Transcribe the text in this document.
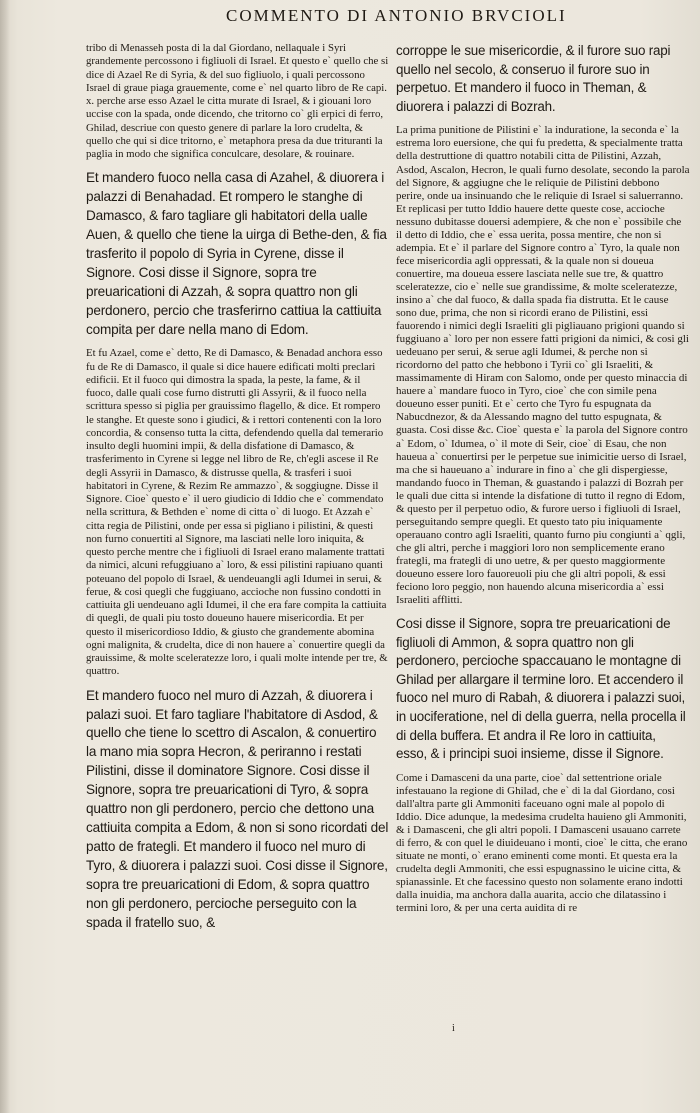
COMMENTO DI ANTONIO BRVCIOLI

tribo di Menasseh posta di la dal Giordano, nellaquale i Syri grandemente percossono i figliuoli di Israel. Et questo e` quello che si dice di Azael Re di Syria, & del suo figliuolo, i quali percossono Israel di graue piaga grauemente, come e` nel quarto libro de Re capi. x. perche arse esso Azael le citta murate di Israel, & i giouani loro uccise con la spada, onde dicendo, che tritorno co` gli erpici di ferro, Ghilad, descriue con questo genere di parlare la loro crudelta, & quello che qui si dice tritorno, e` metaphora presa da due trituranti la paglia in modo che significa conculcare, desolare, & rouinare.

Et mandero fuoco nella casa di Azahel, & diuorera i palazzi di Benahadad. Et rompero le stanghe di Damasco, & faro tagliare gli habitatori della ualle Auen, & quello che tiene la uirga di Bethe-den, & fia trasferito il popolo di Syria in Cyrene, disse il Signore. Cosi disse il Signore, sopra tre preuaricationi di Azzah, & sopra quattro non gli perdonero, percio che trasferirno cattiua la cattiuita compita per dare nella mano di Edom.

Et fu Azael, come e` detto, Re di Damasco, & Benadad anchora esso fu de Re di Damasco, il quale si dice hauere edificati molti preclari edificii. Et il fuoco qui dimostra la spada, la peste, la fame, & il fuoco, dalle quali cose furno distrutti gli Assyrii, & il fuoco nella scrittura spesso si piglia per grauissimo flagello, & dice. Et rompero le stanghe. Et queste sono i giudici, & i rettori contenenti con la loro concordia, & consenso tutta la citta, defendendo quella dal temerario insulto degli huomini impii, & della disfatione di Damasco, & trasferimento in Cyrene si legge nel libro de Re, ch'egli ascese il Re degli Assyrii in Damasco, & distrusse quella, & trasferi i suoi habitatori in Cyrene, & Rezim Re ammazzo`, & soggiugne. Disse il Signore. Cioe` questo e` il uero giudicio di Iddio che e` commendato nella scrittura, & Bethden e` nome di citta o` di luogo. Et Azzah e` citta regia de Pilistini, onde per essa si pigliano i pilistini, & questi non furno conuertiti al Signore, ma lasciati nelle loro iniquita, & questo perche mentre che i figliuoli di Israel erano malamente trattati da nimici, alcuni refuggiuano a` loro, & essi pilistini rapiuano quanti poteuano del popolo di Israel, & uendeuangli agli Idumei in serui, & ferue, & cosi quegli che fuggiuano, accioche non fussino condotti in cattiuita gli uendeuano agli Idumei, il che era fare compita la cattiuita di quegli, de quali piu tosto doueuno hauere misericordia. Et per questo il misericordioso Iddio, & giusto che grandemente abomina ogni malignita, & crudelta, dice di non hauere a` conuertire quegli da grauissime, & molte sceleratezze loro, i quali molte intende per tre, & quattro.

Et mandero fuoco nel muro di Azzah, & diuorera i palazi suoi. Et faro tagliare l'habitatore di Asdod, & quello che tiene lo scettro di Ascalon, & conuertiro la mano mia sopra Hecron, & periranno i restati Pilistini, disse il dominatore Signore. Cosi disse il Signore, sopra tre preuaricationi di Tyro, & sopra quattro non gli perdonero, percio che dettono una cattiuita compita a Edom, & non si sono ricordati del patto de frategli. Et mandero il fuoco nel muro di Tyro, & diuorera i palazzi suoi. Cosi disse il Signore, sopra tre preuaricationi di Edom, & sopra quattro non gli perdonero, percioche perseguito con la spada il fratello suo, &

corroppe le sue misericordie, & il furore suo rapi quello nel secolo, & conseruo il furore suo in perpetuo. Et mandero il fuoco in Theman, & diuorera i palazzi di Bozrah.

La prima punitione de Pilistini e` la induratione, la seconda e` la estrema loro euersione, che qui fu predetta, & specialmente tratta della destruttione di quattro notabili citta de Pilistini, Azzah, Asdod, Ascalon, Hecron, le quali furno desolate, secondo la parola del Signore, & aggiugne che le reliquie de Pilistini debbono perire, onde ua insinuando che le reliquie di Israel si saluerranno. Et replicasi per tutto Iddio hauere dette queste cose, accioche nessuno dubitasse douersi adempiere, & che non e` possibile che il detto di Iddio, che e` essa uerita, possa mentire, che non si adempia. Et e` il parlare del Signore contro a` Tyro, la quale non fece misericordia agli oppressati, & la quale non si doueua conuertire, ma doueua essere lasciata nelle sue tre, & quattro sceleratezze, cio e` nelle sue grandissime, & molte sceleratezze, insino a` che dal fuoco, & dalla spada fia distrutta. Et le cause sono due, prima, che non si ricordi erano de Pilistini, essi fauorendo i nimici degli Israeliti gli pigliauano prigioni quando si fuggiuano a` loro per non essere fatti prigioni da nimici, & cosi gli uedeuano per serui, & serue agli Idumei, & perche non si ricordorno del patto che hebbono i Tyrii co` gli Israeliti, & massimamente di Hiram con Salomo, onde per questo minaccia di hauere a` mandare fuoco in Tyro, cioe` che con simile pena doueuno esser puniti. Et e` certo che Tyro fu espugnata da Nabucdnezor, & da Alessando magno del tutto espugnata, & guasta. Cosi disse &c. Cioe` questa e` la parola del Signore contro a` Edom, o` Idumea, o` il mote di Seir, cioe` di Esau, che non haueua a` conuertirsi per le perpetue sue inimicitie uerso di Israel, ma che si haueuano a` indurare in fino a` che gli dispergiesse, mandando fuoco in Theman, & guastando i palazzi di Bozrah per le quali due citta si intende la disfatione di tutto il regno di Edom, & questo per il perpetuo odio, & furore uerso i figliuoli di Israel, perseguitando sempre quegli. Et questo tato piu iniquamente operauano contro agli Israeliti, quanto furno piu congiunti a` qgli, che gli altri, perche i maggiori loro non semplicemente erano frategli, ma frategli di uno uetre, & per questo maggiormente doueuno essere loro fauoreuoli piu che gli altri popoli, & essi feciono loro peggio, non hauendo alcuna misericordia a` essi Israeliti afflitti.

Cosi disse il Signore, sopra tre preuaricationi de figliuoli di Ammon, & sopra quattro non gli perdonero, percioche spaccauano le montagne di Ghilad per allargare il termine loro. Et accendero il fuoco nel muro di Rabah, & diuorera i palazzi suoi, in uociferatione, nel di della guerra, nella procella il di della buffera. Et andra il Re loro in cattiuita, esso, & i principi suoi insieme, disse il Signore.

Come i Damasceni da una parte, cioe` dal settentrione oriale infestauano la regione di Ghilad, che e` di la dal Giordano, cosi dall'altra parte gli Ammoniti faceuano ogni male al popolo di Iddio. Dice adunque, la medesima crudelta hauieno gli Ammoniti, & i Damasceni, che gli altri popoli. I Damasceni usauano carrete di ferro, & con quel le diuideuano i monti, cioe` le citta, che erano situate ne monti, o` erano eminenti come monti. Et questa era la crudelta degli Ammoniti, che essi espugnassino le uicine citta, & spianassinle. Et che facessino questo non solamente erano indotti dalla inuidia, ma anchora dalla auarita, accio che dilatassino i termini loro, & per una certa auidita di re

i
